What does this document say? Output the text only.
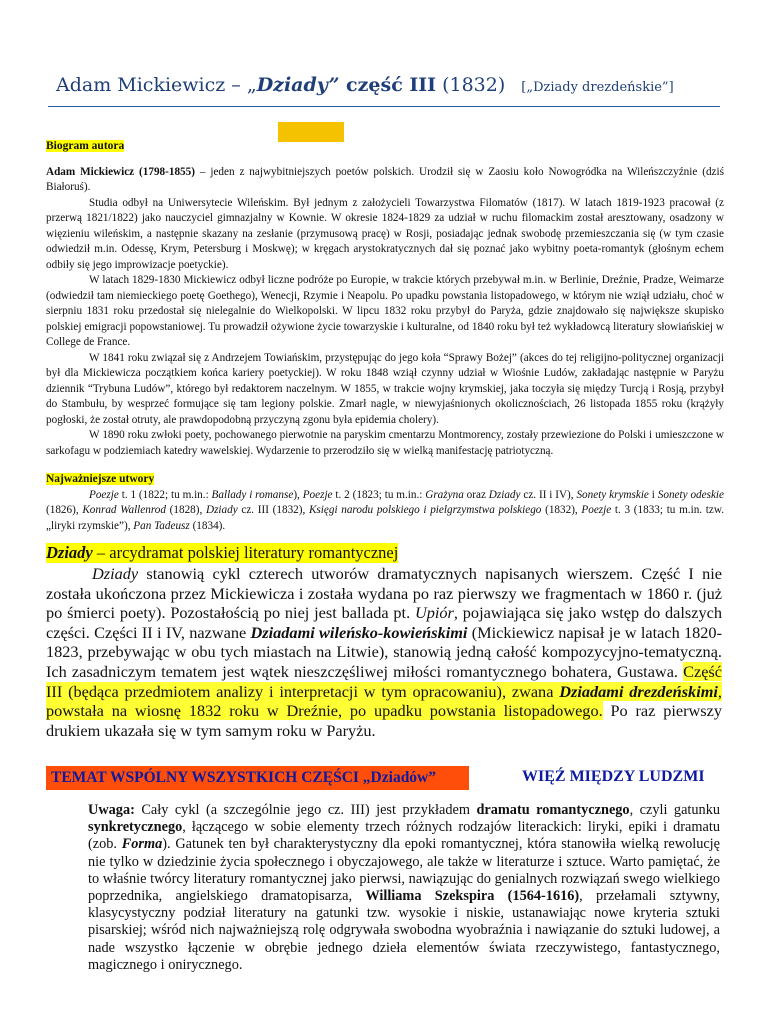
Adam Mickiewicz – „Dziady” część III (1832) [„Dziady drezdeńskie”]

Biogram autora

Adam Mickiewicz (1798-1855) – jeden z najwybitniejszych poetów polskich. Urodził się w Zaosiu koło Nowogródka na Wileńszczyźnie (dziś Białoruś).

Studia odbył na Uniwersytecie Wileńskim. Był jednym z założycieli Towarzystwa Filomatów (1817). W latach 1819-1923 pracował (z przerwą 1821/1822) jako nauczyciel gimnazjalny w Kownie. W okresie 1824-1829 za udział w ruchu filomackim został aresztowany, osadzony w więzieniu wileńskim, a następnie skazany na zesłanie (przymusową pracę) w Rosji, posiadając jednak swobodę przemieszczania się (w tym czasie odwiedził m.in. Odessę, Krym, Petersburg i Moskwę); w kręgach arystokratycznych dał się poznać jako wybitny poeta-romantyk (głośnym echem odbiły się jego improwizacje poetyckie).

W latach 1829-1830 Mickiewicz odbył liczne podróże po Europie, w trakcie których przebywał m.in. w Berlinie, Dreźnie, Pradze, Weimarze (odwiedził tam niemieckiego poetę Goethego), Wenecji, Rzymie i Neapolu. Po upadku powstania listopadowego, w którym nie wziął udziału, choć w sierpniu 1831 roku przedostał się nielegalnie do Wielkopolski. W lipcu 1832 roku przybył do Paryża, gdzie znajdowało się największe skupisko polskiej emigracji popowstaniowej. Tu prowadził ożywione życie towarzyskie i kulturalne, od 1840 roku był też wykładowcą literatury słowiańskiej w College de France.

W 1841 roku związał się z Andrzejem Towiańskim, przystępując do jego koła “Sprawy Bożej” (akces do tej religijno-politycznej organizacji był dla Mickiewicza początkiem końca kariery poetyckiej). W roku 1848 wziął czynny udział w Wiośnie Ludów, zakładając następnie w Paryżu dziennik “Trybuna Ludów”, którego był redaktorem naczelnym. W 1855, w trakcie wojny krymskiej, jaka toczyła się między Turcją i Rosją, przybył do Stambułu, by wesprzeć formujące się tam legiony polskie. Zmarł nagle, w niewyjaśnionych okolicznościach, 26 listopada 1855 roku (krążyły pogłoski, że został otruty, ale prawdopodobną przyczyną zgonu była epidemia cholery).

W 1890 roku zwłoki poety, pochowanego pierwotnie na paryskim cmentarzu Montmorency, zostały przewiezione do Polski i umieszczone w sarkofagu w podziemiach katedry wawelskiej. Wydarzenie to przerodziło się w wielką manifestację patriotyczną.

Najważniejsze utwory

Poezje t. 1 (1822; tu m.in.: Ballady i romanse), Poezje t. 2 (1823; tu m.in.: Grażyna oraz Dziady cz. II i IV), Sonety krymskie i Sonety odeskie (1826), Konrad Wallenrod (1828), Dziady cz. III (1832), Księgi narodu polskiego i pielgrzymstwa polskiego (1832), Poezje t. 3 (1833; tu m.in. tzw. „liryki rzymskie”), Pan Tadeusz (1834).

Dziady – arcydramat polskiej literatury romantycznej

Dziady stanowią cykl czterech utworów dramatycznych napisanych wierszem. Część I nie została ukończona przez Mickiewicza i została wydana po raz pierwszy we fragmentach w 1860 r. (już po śmierci poety). Pozostałością po niej jest ballada pt. Upiór, pojawiająca się jako wstęp do dalszych części. Części II i IV, nazwane Dziadami wileńsko-kowieńskimi (Mickiewicz napisał je w latach 1820-1823, przebywając w obu tych miastach na Litwie), stanowią jedną całość kompozycyjno-tematyczną. Ich zasadniczym tematem jest wątek nieszczęśliwej miłości romantycznego bohatera, Gustawa. Część III (będąca przedmiotem analizy i interpretacji w tym opracowaniu), zwana Dziadami drezdeńskimi, powstała na wiosnę 1832 roku w Dreźnie, po upadku powstania listopadowego. Po raz pierwszy drukiem ukazała się w tym samym roku w Paryżu.

TEMAT WSPÓLNY WSZYSTKICH CZĘŚCI „Dziadów”	WIĘŹ MIĘDZY LUDZMI

Uwaga: Cały cykl (a szczególnie jego cz. III) jest przykładem dramatu romantycznego, czyli gatunku synkretycznego, łączącego w sobie elementy trzech różnych rodzajów literackich: liryki, epiki i dramatu (zob. Forma). Gatunek ten był charakterystyczny dla epoki romantycznej, która stanowiła wielką rewolucję nie tylko w dziedzinie życia społecznego i obyczajowego, ale także w literaturze i sztuce. Warto pamiętać, że to właśnie twórcy literatury romantycznej jako pierwsi, nawiązując do genialnych rozwiązań swego wielkiego poprzednika, angielskiego dramatopisarza, Williama Szekspira (1564-1616), przełamali sztywny, klasycystyczny podział literatury na gatunki tzw. wysokie i niskie, ustanawiając nowe kryteria sztuki pisarskiej; wśród nich najważniejszą rolę odgrywała swobodna wyobraźnia i nawiązanie do sztuki ludowej, a nade wszystko łączenie w obrębie jednego dzieła elementów świata rzeczywistego, fantastycznego, magicznego i onirycznego.
